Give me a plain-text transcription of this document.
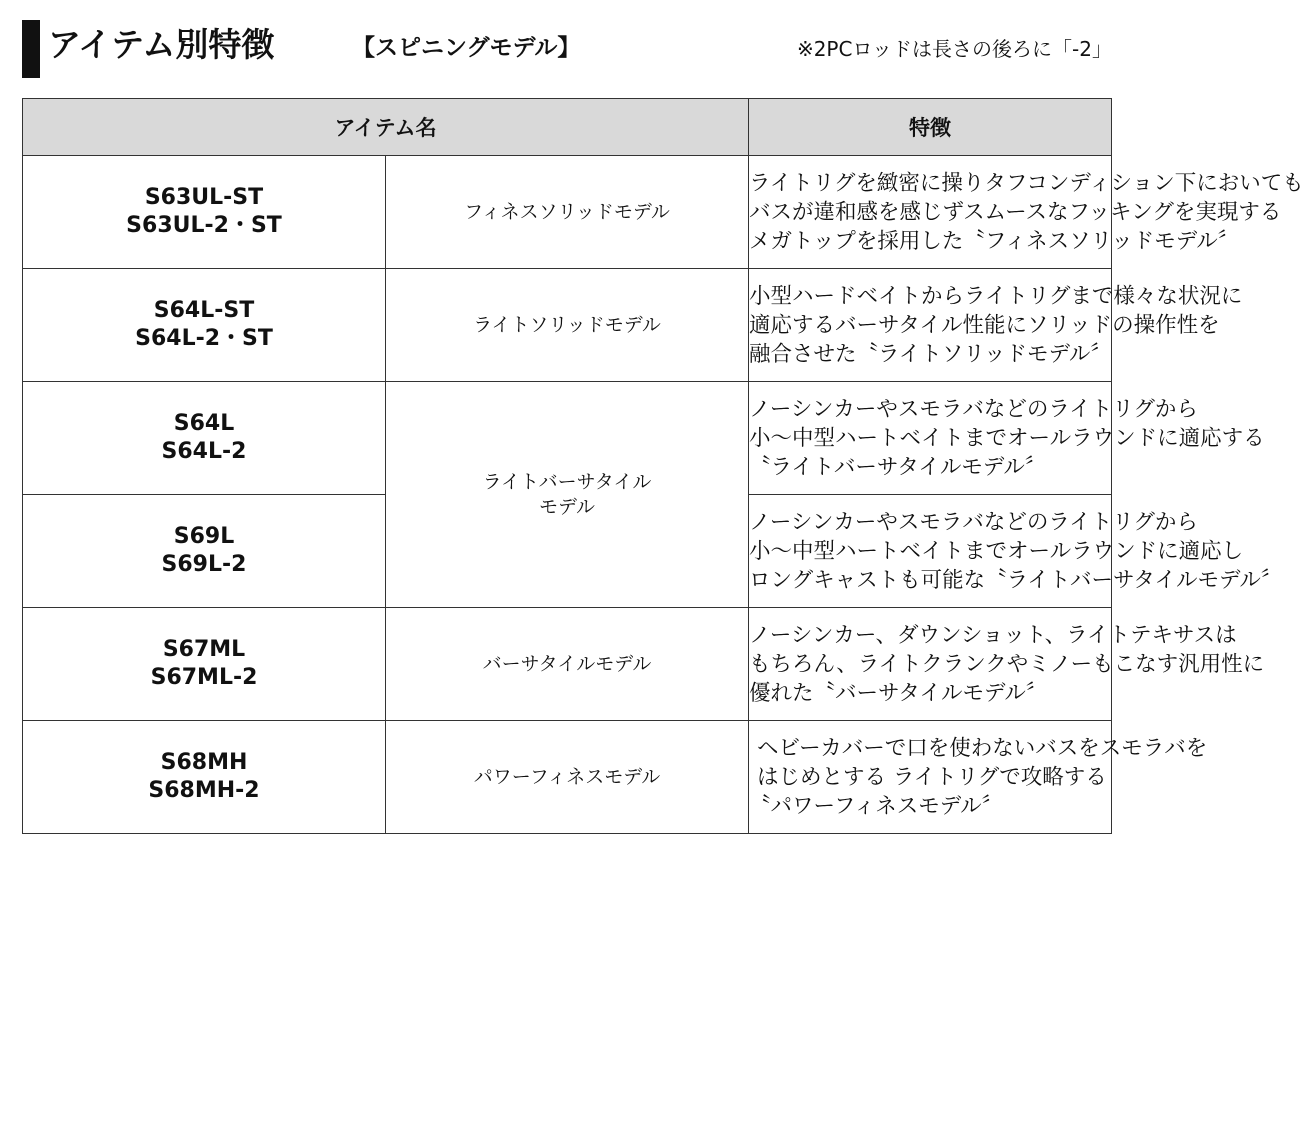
アイテム別特徴	【スピニングモデル】	※2PCロッドは長さの後ろに「-2」
アイテム名		特徴

S63UL-ST
S63UL-2・ST	フィネスソリッドモデル	ライトリグを緻密に操りタフコンディション下においても
バスが違和感を感じずスムースなフッキングを実現する
メガトップを採用した〝フィネスソリッドモデル〞

S64L-ST
S64L-2・ST	ライトソリッドモデル	小型ハードベイトからライトリグまで様々な状況に
適応するバーサタイル性能にソリッドの操作性を
融合させた〝ライトソリッドモデル〞

S64L
S64L-2	ライトバーサタイル
モデル	ノーシンカーやスモラバなどのライトリグから
小〜中型ハートベイトまでオールラウンドに適応する
〝ライトバーサタイルモデル〞

S69L
S69L-2		ノーシンカーやスモラバなどのライトリグから
小〜中型ハートベイトまでオールラウンドに適応し
ロングキャストも可能な〝ライトバーサタイルモデル〞

S67ML
S67ML-2	バーサタイルモデル	ノーシンカー、ダウンショット、ライトテキサスは
もちろん、ライトクランクやミノーもこなす汎用性に
優れた〝バーサタイルモデル〞

S68MH
S68MH-2	パワーフィネスモデル	ヘビーカバーで口を使わないバスをスモラバを
はじめとする ライトリグで攻略する
〝パワーフィネスモデル〞
